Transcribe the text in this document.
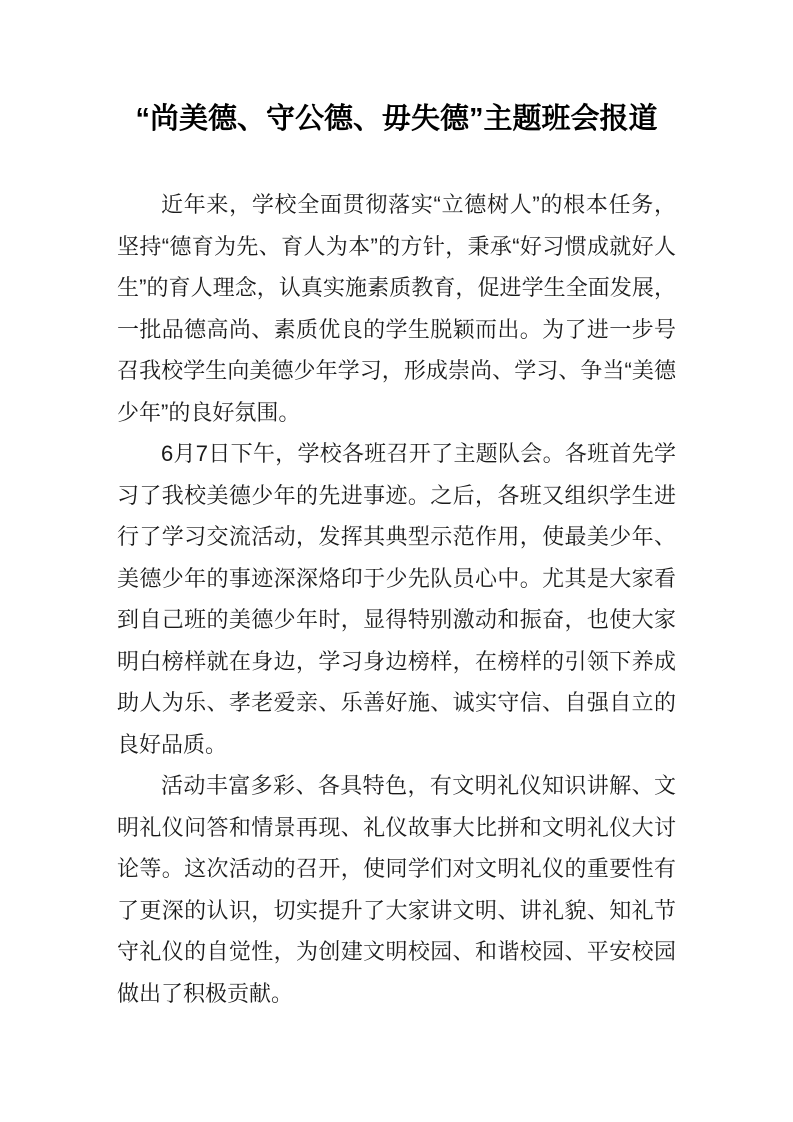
“尚美德、守公德、毋失德”主题班会报道

近年来，学校全面贯彻落实“立德树人”的根本任务，坚持“德育为先、育人为本”的方针，秉承“好习惯成就好人生”的育人理念，认真实施素质教育，促进学生全面发展，一批品德高尚、素质优良的学生脱颖而出。为了进一步号召我校学生向美德少年学习，形成崇尚、学习、争当“美德少年”的良好氛围。

6月7日下午，学校各班召开了主题队会。各班首先学习了我校美德少年的先进事迹。之后，各班又组织学生进行了学习交流活动，发挥其典型示范作用，使最美少年、美德少年的事迹深深烙印于少先队员心中。尤其是大家看到自己班的美德少年时，显得特别激动和振奋，也使大家明白榜样就在身边，学习身边榜样，在榜样的引领下养成助人为乐、孝老爱亲、乐善好施、诚实守信、自强自立的良好品质。

活动丰富多彩、各具特色，有文明礼仪知识讲解、文明礼仪问答和情景再现、礼仪故事大比拼和文明礼仪大讨论等。这次活动的召开，使同学们对文明礼仪的重要性有了更深的认识，切实提升了大家讲文明、讲礼貌、知礼节守礼仪的自觉性，为创建文明校园、和谐校园、平安校园做出了积极贡献。
